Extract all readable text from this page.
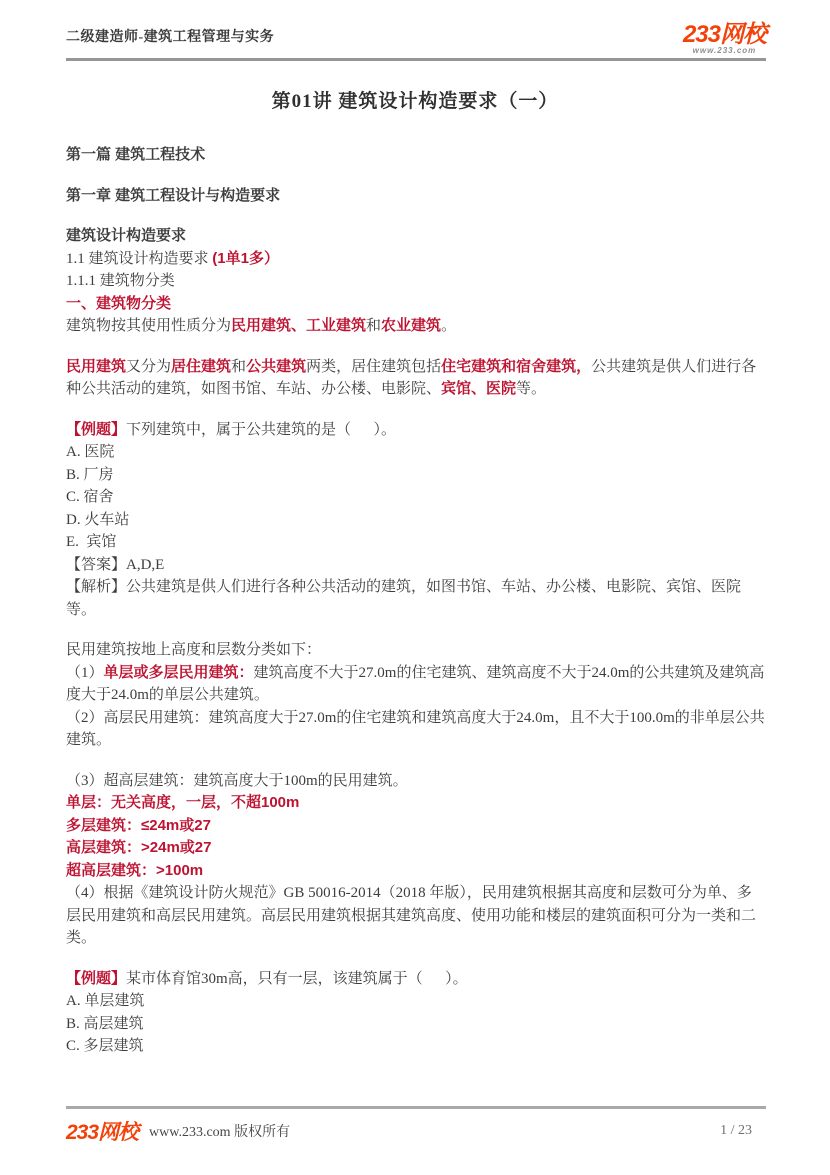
二级建造师-建筑工程管理与实务	233网校
www.233.com
第01讲 建筑设计构造要求（一）

第一篇 建筑工程技术

第一章 建筑工程设计与构造要求

建筑设计构造要求

1.1 建筑设计构造要求 (1单1多）

1.1.1 建筑物分类

一、建筑物分类

建筑物按其使用性质分为民用建筑、工业建筑和农业建筑。

民用建筑又分为居住建筑和公共建筑两类，居住建筑包括住宅建筑和宿舍建筑，公共建筑是供人们进行各种公共活动的建筑，如图书馆、车站、办公楼、电影院、宾馆、医院等。

【例题】下列建筑中，属于公共建筑的是（      ）。

A. 医院

B. 厂房

C. 宿舍

D. 火车站

E.  宾馆

【答案】A,D,E

【解析】公共建筑是供人们进行各种公共活动的建筑，如图书馆、车站、办公楼、电影院、宾馆、医院等。

民用建筑按地上高度和层数分类如下：

（1）单层或多层民用建筑：建筑高度不大于27.0m的住宅建筑、建筑高度不大于24.0m的公共建筑及建筑高度大于24.0m的单层公共建筑。

（2）高层民用建筑：建筑高度大于27.0m的住宅建筑和建筑高度大于24.0m，且不大于100.0m的非单层公共建筑。

（3）超高层建筑：建筑高度大于100m的民用建筑。

单层：无关高度，一层，不超100m

多层建筑：≤24m或27

高层建筑：>24m或27

超高层建筑：>100m

（4）根据《建筑设计防火规范》GB 50016-2014（2018 年版），民用建筑根据其高度和层数可分为单、多层民用建筑和高层民用建筑。高层民用建筑根据其建筑高度、使用功能和楼层的建筑面积可分为一类和二类。

【例题】某市体育馆30m高，只有一层，该建筑属于（      ）。

A. 单层建筑

B. 高层建筑

C. 多层建筑

233网校 www.233.com 版权所有	1 / 23
